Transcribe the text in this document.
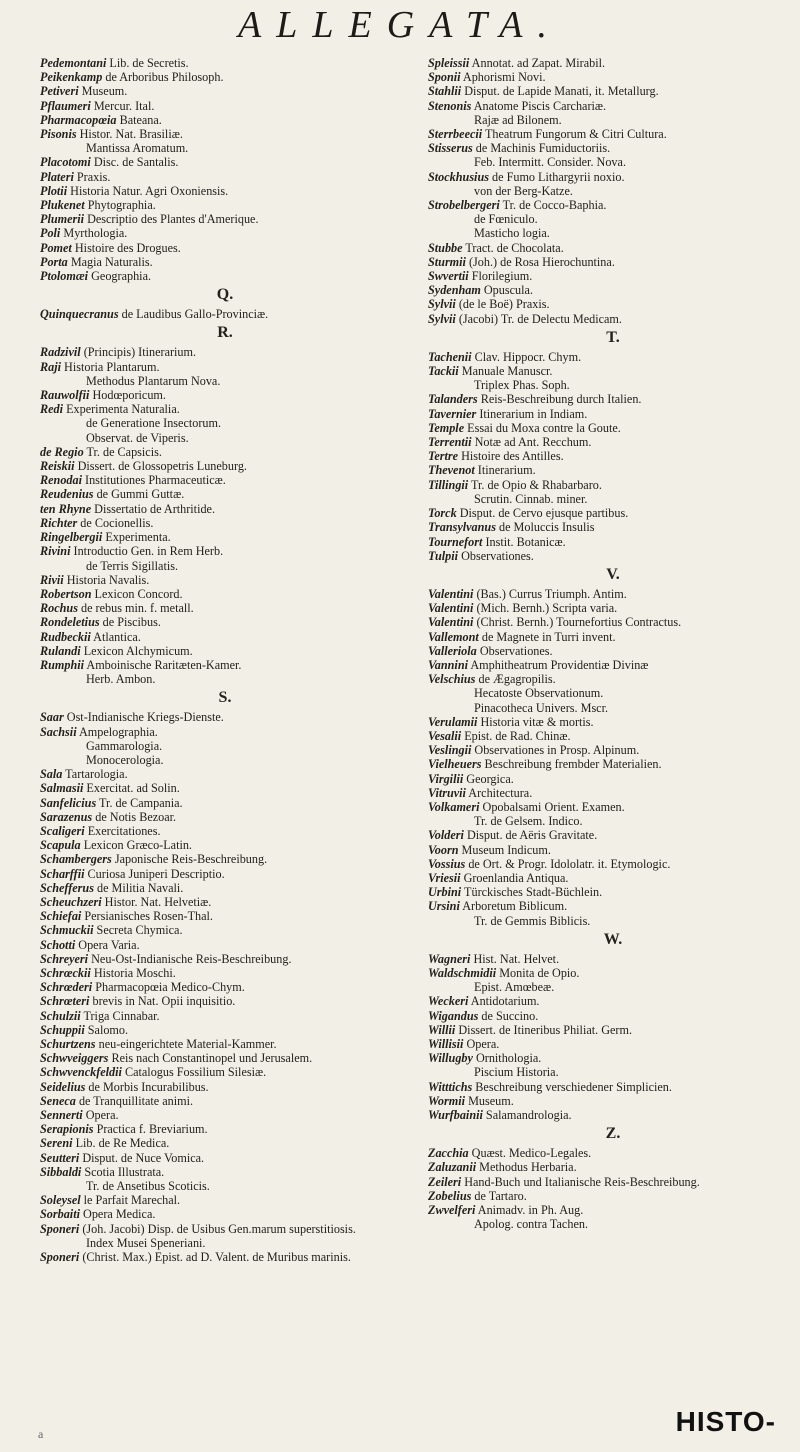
ALLEGATA.
Pedemontani Lib. de Secretis.
Peikenkamp de Arboribus Philosoph.
Petiveri Museum.
Pflaumeri Mercur. Ital.
Pharmacopœia Bateana.
Pisonis Histor. Nat. Brasiliæ.
Mantissa Aromatum.
Placotomi Disc. de Santalis.
Plateri Praxis.
Plotii Historia Natur. Agri Oxoniensis.
Plukenet Phytographia.
Plumerii Descriptio des Plantes d'Amerique.
Poli Myrthologia.
Pomet Histoire des Drogues.
Porta Magia Naturalis.
Ptolomæi Geographia.
Q.
Quinquecranus de Laudibus Gallo-Provinciæ.
R.
Radzivil (Principis) Itinerarium.
Raji Historia Plantarum.
Methodus Plantarum Nova.
Rauwolfii Hodœporicum.
Redi Experimenta Naturalia.
de Generatione Insectorum.
Observat. de Viperis.
de Regio Tr. de Capsicis.
Reiskii Dissert. de Glossopetris Luneburg.
Renodai Institutiones Pharmaceuticæ.
Reudenius de Gummi Guttæ.
ten Rhyne Dissertatio de Arthritide.
Richter de Cocionellis.
Ringelbergii Experimenta.
Rivini Introductio Gen. in Rem Herb.
de Terris Sigillatis.
Rivii Historia Navalis.
Robertson Lexicon Concord.
Rochus de rebus min. f. metall.
Rondeletius de Piscibus.
Rudbeckii Atlantica.
Rulandi Lexicon Alchymicum.
Rumphii Amboinische Raritæten-Kamer.
Herb. Ambon.
S.
Saar Ost-Indianische Kriegs-Dienste.
Sachsii Ampelographia.
Gammarologia.
Monocerologia.
Sala Tartarologia.
Salmasii Exercitat. ad Solin.
Sanfelicius Tr. de Campania.
Sarazenus de Notis Bezoar.
Scaligeri Exercitationes.
Scapula Lexicon Græco-Latin.
Schambergers Japonische Reis-Beschreibung.
Scharffii Curiosa Juniperi Descriptio.
Schefferus de Militia Navali.
Scheuchzeri Histor. Nat. Helvetiæ.
Schiefai Persianisches Rosen-Thal.
Schmuckii Secreta Chymica.
Schotti Opera Varia.
Schreyeri Neu-Ost-Indianische Reis-Beschreibung.
Schrœckii Historia Moschi.
Schrœderi Pharmacopœia Medico-Chym.
Schrœteri brevis in Nat. Opii inquisitio.
Schulzii Triga Cinnabar.
Schuppii Salomo.
Schurtzens neu-eingerichtete Material-Kammer.
Schwveiggers Reis nach Constantinopel und Jerusalem.
Schwvenckfeldii Catalogus Fossilium Silesiæ.
Seidelius de Morbis Incurabilibus.
Seneca de Tranquillitate animi.
Sennerti Opera.
Serapionis Practica f. Breviarium.
Sereni Lib. de Re Medica.
Seutteri Disput. de Nuce Vomica.
Sibbaldi Scotia Illustrata.
Tr. de Ansetibus Scoticis.
Soleysel le Parfait Marechal.
Sorbaiti Opera Medica.
Sponeri (Joh. Jacobi) Disp. de Usibus Gen.marum superstitiosis.
Index Musei Speneriani.
Sponeri (Christ. Max.) Epist. ad D. Valent. de Muribus marinis.
Spleissii Annotat. ad Zapat. Mirabil.
Sponii Aphorismi Novi.
Stahlii Disput. de Lapide Manati, it. Metallurg.
Stenonis Anatome Piscis Carchariæ.
Rajæ ad Bilonem.
Sterrbeecii Theatrum Fungorum & Citri Cultura.
Stisserus de Machinis Fumiductoriis.
Feb. Intermitt. Consider. Nova.
Stockhusius de Fumo Lithargyrii noxio.
von der Berg-Katze.
Strobelbergeri Tr. de Cocco-Baphia.
de Fœniculo.
Masticho logia.
Stubbe Tract. de Chocolata.
Sturmii (Joh.) de Rosa Hierochuntina.
Swvertii Florilegium.
Sydenham Opuscula.
Sylvii (de le Boë) Praxis.
Sylvii (Jacobi) Tr. de Delectu Medicam.
T.
Tachenii Clav. Hippocr. Chym.
Tackii Manuale Manuscr.
Triplex Phas. Soph.
Talanders Reis-Beschreibung durch Italien.
Tavernier Itinerarium in Indiam.
Temple Essai du Moxa contre la Goute.
Terrentii Notæ ad Ant. Recchum.
Tertre Histoire des Antilles.
Thevenot Itinerarium.
Tillingii Tr. de Opio & Rhabarbaro.
Scrutin. Cinnab. miner.
Torck Disput. de Cervo ejusque partibus.
Transylvanus de Moluccis Insulis
Tournefort Instit. Botanicæ.
Tulpii Observationes.
V.
Valentini (Bas.) Currus Triumph. Antim.
Valentini (Mich. Bernh.) Scripta varia.
Valentini (Christ. Bernh.) Tournefortius Contractus.
Vallemont de Magnete in Turri invent.
Valleriola Observationes.
Vannini Amphitheatrum Providentiæ Divinæ
Velschius de Ægagropilis.
Hecatoste Observationum.
Pinacotheca Univers. Mscr.
Verulamii Historia vitæ & mortis.
Vesalii Epist. de Rad. Chinæ.
Veslingii Observationes in Prosp. Alpinum.
Vielheuers Beschreibung frembder Materialien.
Virgilii Georgica.
Vitruvii Architectura.
Volkameri Opobalsami Orient. Examen.
Tr. de Gelsem. Indico.
Volderi Disput. de Aëris Gravitate.
Voorn Museum Indicum.
Vossius de Ort. & Progr. Idololatr. it. Etymologic.
Vriesii Groenlandia Antiqua.
Urbini Türckisches Stadt-Büchlein.
Ursini Arboretum Biblicum.
Tr. de Gemmis Biblicis.
W.
Wagneri Hist. Nat. Helvet.
Waldschmidii Monita de Opio.
Epist. Amœbeæ.
Weckeri Antidotarium.
Wigandus de Succino.
Willii Dissert. de Itineribus Philiat. Germ.
Willisii Opera.
Willugby Ornithologia.
Piscium Historia.
Witttichs Beschreibung verschiedener Simplicien.
Wormii Museum.
Wurfbainii Salamandrologia.
Z.
Zacchia Quæst. Medico-Legales.
Zaluzanii Methodus Herbaria.
Zeileri Hand-Buch und Italianische Reis-Beschreibung.
Zobelius de Tartaro.
Zwvelferi Animadv. in Ph. Aug.
Apolog. contra Tachen.
a	HISTO-
